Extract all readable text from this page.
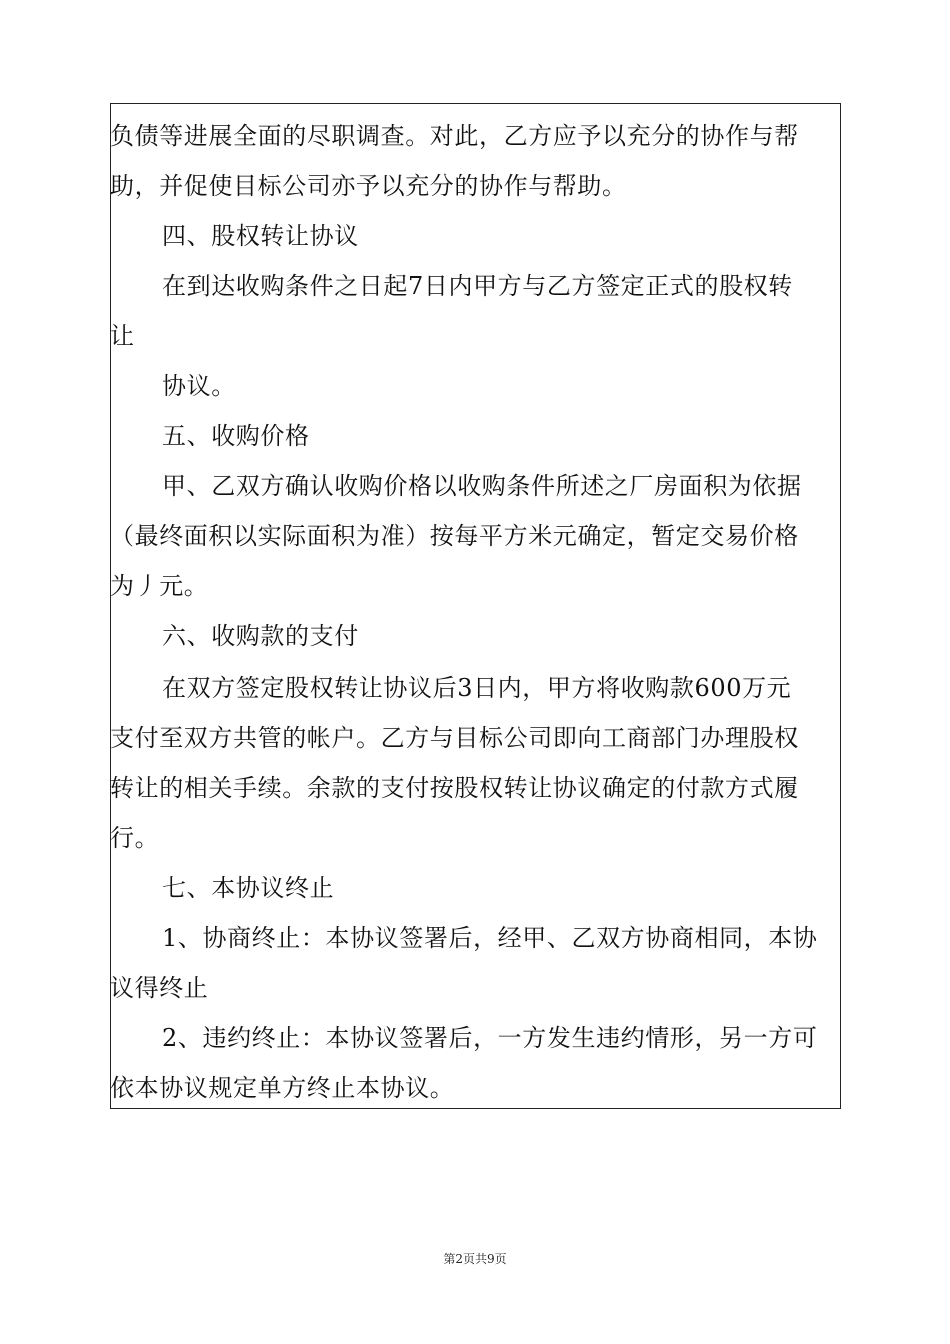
负债等进展全面的尽职调查。对此，乙方应予以充分的协作与帮
助，并促使目标公司亦予以充分的协作与帮助。
四、股权转让协议
在到达收购条件之日起7日内甲方与乙方签定正式的股权转
让
协议。
五、收购价格
甲、乙双方确认收购价格以收购条件所述之厂房面积为依据
（最终面积以实际面积为准）按每平方米元确定，暂定交易价格
为丿元。
六、收购款的支付
在双方签定股权转让协议后3日内，甲方将收购款600万元
支付至双方共管的帐户。乙方与目标公司即向工商部门办理股权
转让的相关手续。余款的支付按股权转让协议确定的付款方式履
行。
七、本协议终止
1、协商终止：本协议签署后，经甲、乙双方协商相同，本协
议得终止
2、违约终止：本协议签署后，一方发生违约情形，另一方可
依本协议规定单方终止本协议。
第2页共9页
